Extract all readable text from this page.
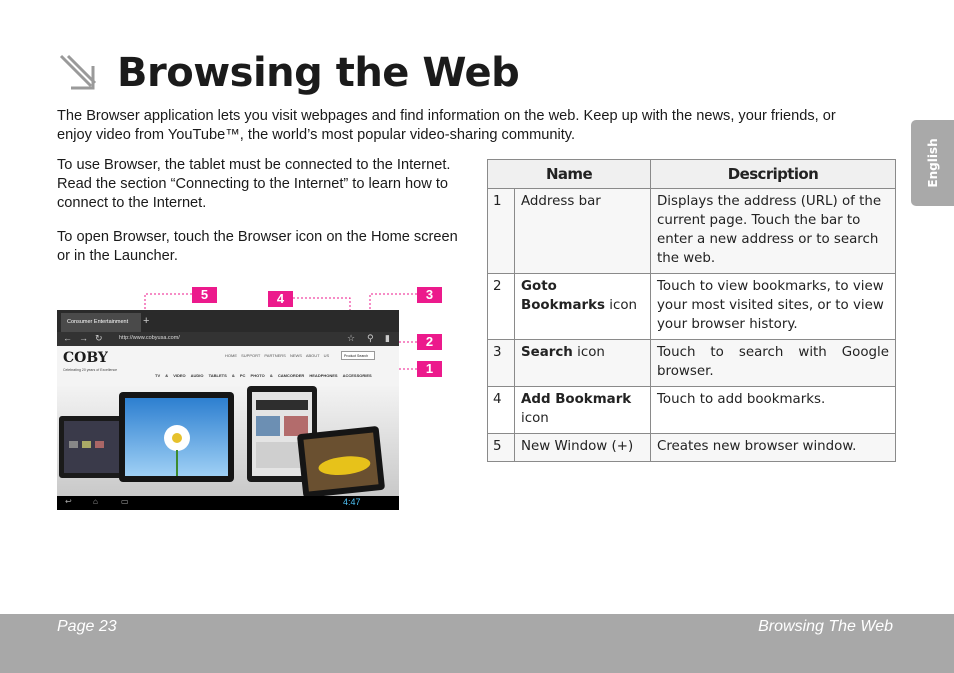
Browsing the Web

The Browser application lets you visit webpages and find information on the web. Keep up with the news, your friends, or enjoy video from YouTube™, the world’s most popular video-sharing community.

To use Browser, the tablet must be connected to the Internet. Read the section “Connecting to the Internet” to learn how to connect to the Internet.

To open Browser, touch the Browser icon on the Home screen or in the Launcher.

English
Name		Description
1	Address bar	Displays the address (URL) of the current page. Touch the bar to enter a new address or to search the web.
2	Goto Bookmarks icon	Touch to view bookmarks, to view your most visited sites, or to view your browser history.
3	Search icon	Touch to search with Google browser.
4	Add Bookmark icon	Touch to add bookmarks.
5	New Window (+)	Creates new browser window.
Consumer Entertainment	+
← → ↻	http://www.cobyusa.com/	☆ ⚲ ▮
COBY
Celebrating 20 years of Excellence
HOME SUPPORT PARTNERS NEWS ABOUT US	Product Search
TV & VIDEO AUDIO TABLETS & PC PHOTO & CAMCORDER HEADPHONES ACCESSORIES
↩	⌂	▭	4:47
5	4	3
2
1
Page 23	Browsing The Web
